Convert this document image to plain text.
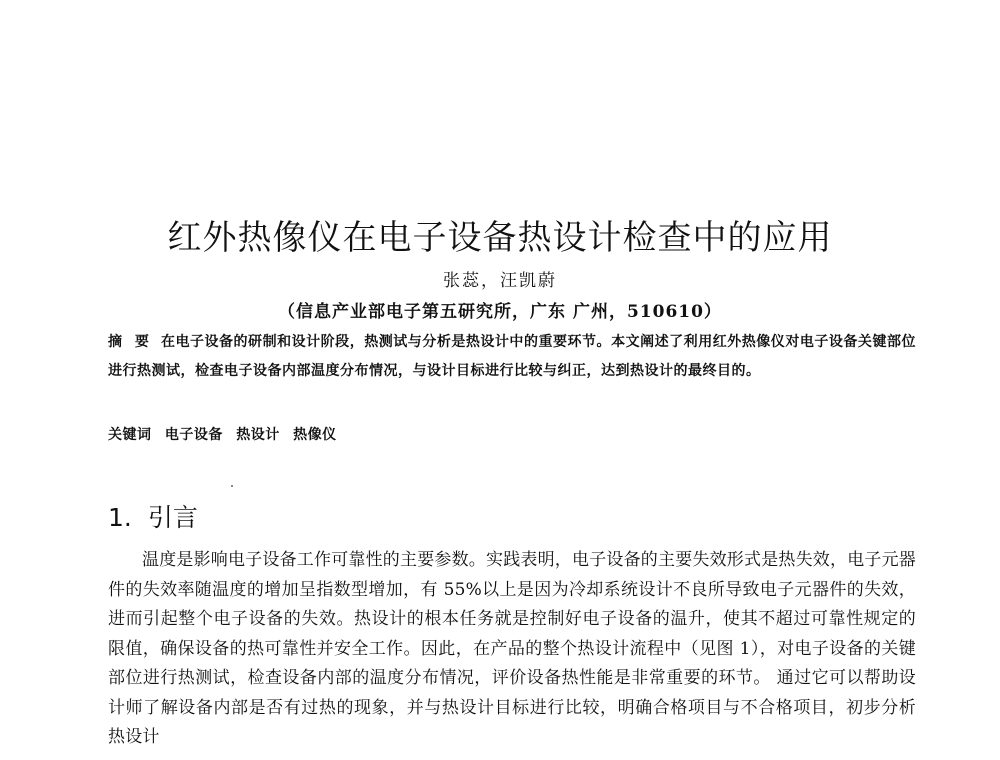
红外热像仪在电子设备热设计检查中的应用
张蕊，汪凯蔚
（信息产业部电子第五研究所，广东 广州，510610）
摘 要 在电子设备的研制和设计阶段，热测试与分析是热设计中的重要环节。本文阐述了利用红外热像仪对电子设备关键部位进行热测试，检查电子设备内部温度分布情况，与设计目标进行比较与纠正，达到热设计的最终目的。
关键词 电子设备 热设计 热像仪
1. 引言

温度是影响电子设备工作可靠性的主要参数。实践表明，电子设备的主要失效形式是热失效，电子元器件的失效率随温度的增加呈指数型增加，有 55%以上是因为冷却系统设计不良所导致电子元器件的失效，进而引起整个电子设备的失效。热设计的根本任务就是控制好电子设备的温升，使其不超过可靠性规定的限值，确保设备的热可靠性并安全工作。因此，在产品的整个热设计流程中（见图 1），对电子设备的关键部位进行热测试，检查设备内部的温度分布情况，评价设备热性能是非常重要的环节。 通过它可以帮助设计师了解设备内部是否有过热的现象，并与热设计目标进行比较，明确合格项目与不合格项目，初步分析热设计
